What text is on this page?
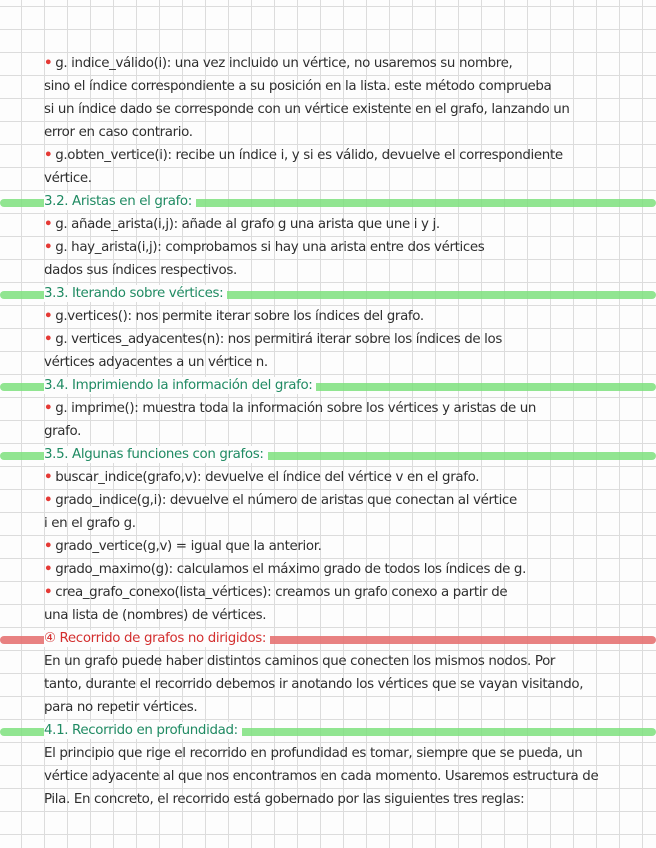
• g. indice_válido(i): una vez incluido un vértice, no usaremos su nombre,
sino el índice correspondiente a su posición en la lista. este método comprueba
si un índice dado se corresponde con un vértice existente en el grafo, lanzando un
error en caso contrario.
• g.obten_vertice(i): recibe un índice i, y si es válido, devuelve el correspondiente
vértice.
3.2. Aristas en el grafo:
• g. añade_arista(i,j): añade al grafo g una arista que une i y j.
• g. hay_arista(i,j): comprobamos si hay una arista entre dos vértices
dados sus índices respectivos.
3.3. Iterando sobre vértices:
• g.vertices(): nos permite iterar sobre los índices del grafo.
• g. vertices_adyacentes(n): nos permitirá iterar sobre los índices de los
vértices adyacentes a un vértice n.
3.4. Imprimiendo la información del grafo:
• g. imprime(): muestra toda la información sobre los vértices y aristas de un
grafo.
3.5. Algunas funciones con grafos:
• buscar_indice(grafo,v): devuelve el índice del vértice v en el grafo.
• grado_indice(g,i): devuelve el número de aristas que conectan al vértice
i en el grafo g.
• grado_vertice(g,v) = igual que la anterior.
• grado_maximo(g): calculamos el máximo grado de todos los índices de g.
• crea_grafo_conexo(lista_vértices): creamos un grafo conexo a partir de
una lista de (nombres) de vértices.
④ Recorrido de grafos no dirigidos:
En un grafo puede haber distintos caminos que conecten los mismos nodos. Por
tanto, durante el recorrido debemos ir anotando los vértices que se vayan visitando,
para no repetir vértices.
4.1. Recorrido en profundidad:
El principio que rige el recorrido en profundidad es tomar, siempre que se pueda, un
vértice adyacente al que nos encontramos en cada momento. Usaremos estructura de
Pila. En concreto, el recorrido está gobernado por las siguientes tres reglas:
